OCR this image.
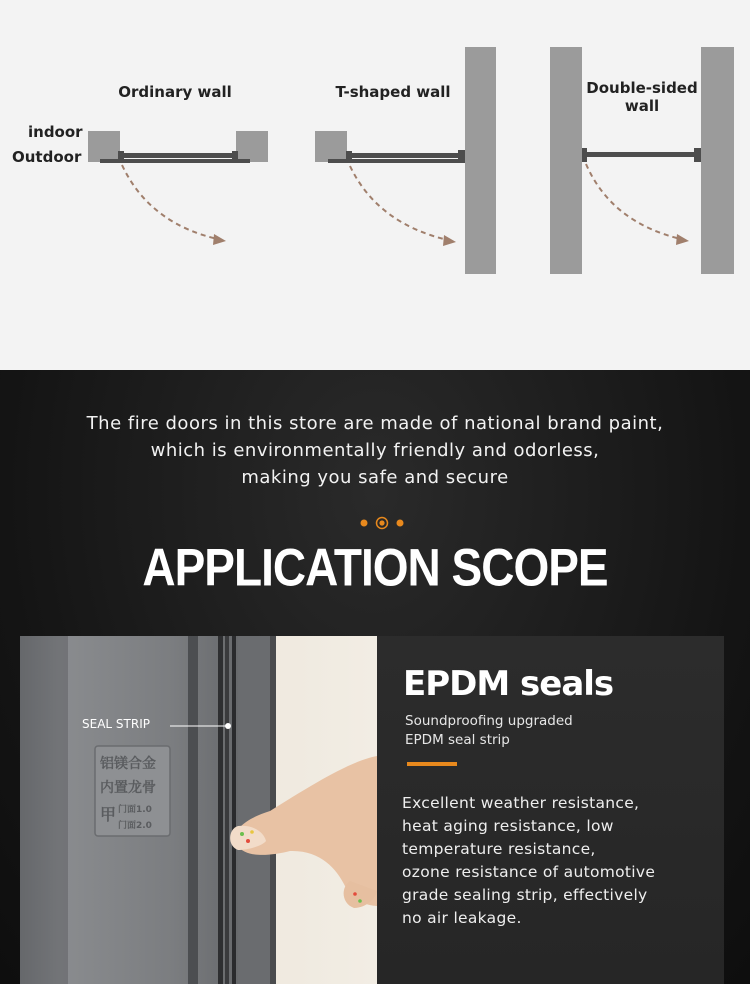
Ordinary wall	T-shaped wall	Double-sided
wall
indoor
Outdoor
The fire doors in this store are made of national brand paint,
which is environmentally friendly and odorless,
making you safe and secure
APPLICATION SCOPE
铝镁合金
内置龙骨
甲 门面1.0
门面2.0
SEAL STRIP
EPDM seals
Soundproofing upgraded
EPDM seal strip
Excellent weather resistance,
heat aging resistance, low
temperature resistance,
ozone resistance of automotive
grade sealing strip, effectively
no air leakage.
